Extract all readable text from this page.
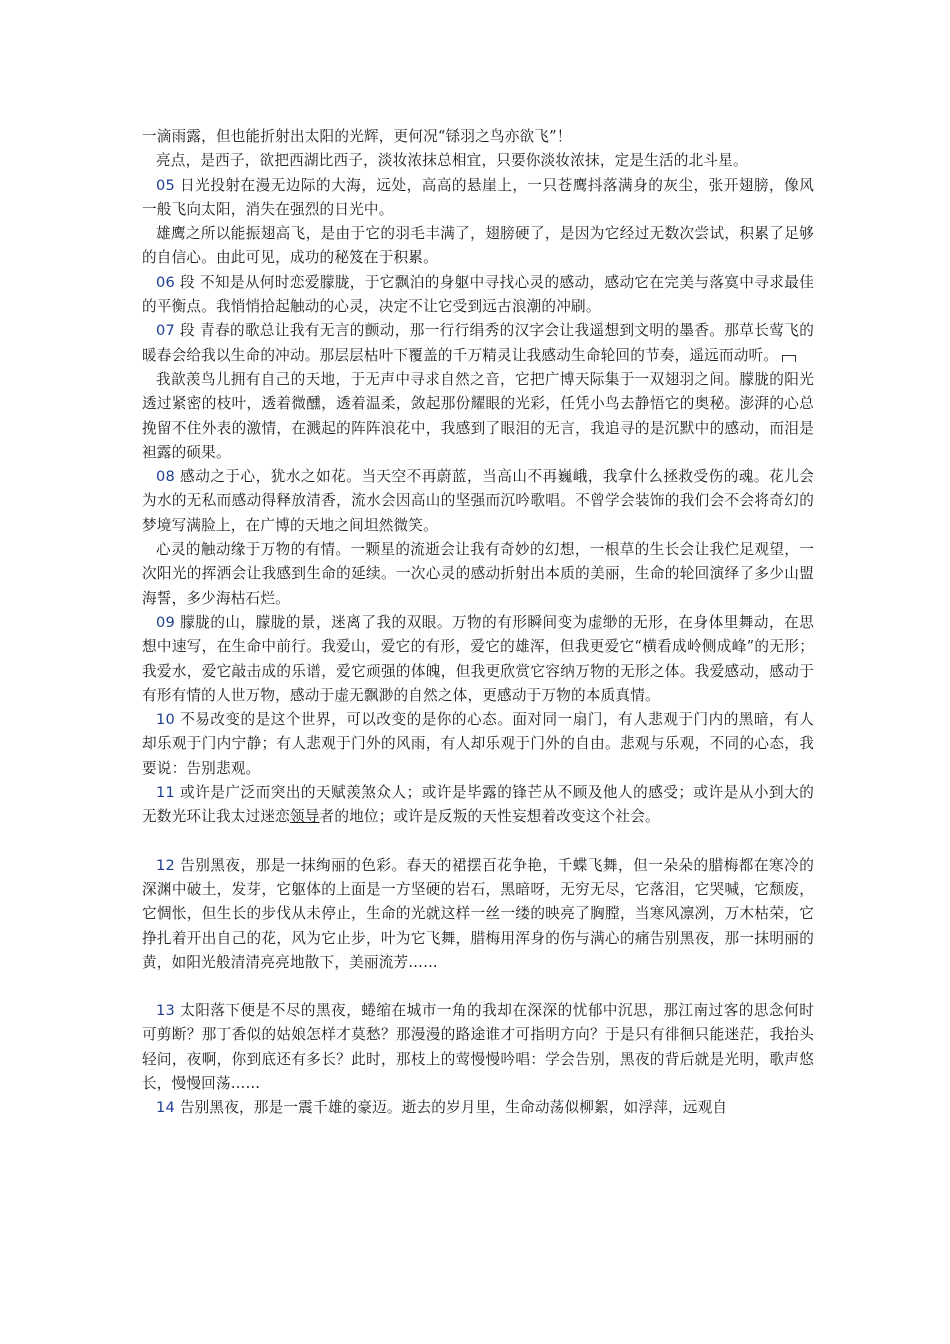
一滴雨露，但也能折射出太阳的光辉，更何况“铩羽之鸟亦欲飞”！

亮点，是西子，欲把西湖比西子，淡妆浓抹总相宜，只要你淡妆浓抹，定是生活的北斗星。

05 日光投射在漫无边际的大海，远处，高高的悬崖上，一只苍鹰抖落满身的灰尘，张开翅膀，像风一般飞向太阳，消失在强烈的日光中。

雄鹰之所以能振翅高飞，是由于它的羽毛丰满了，翅膀硬了，是因为它经过无数次尝试，积累了足够的自信心。由此可见，成功的秘笈在于积累。

06 段 不知是从何时恋爱朦胧，于它飘泊的身躯中寻找心灵的感动，感动它在完美与落寞中寻求最佳的平衡点。我悄悄拾起触动的心灵，决定不让它受到远古浪潮的冲刷。

07 段 青春的歌总让我有无言的颤动，那一行行绢秀的汉字会让我遥想到文明的墨香。那草长莺飞的暖春会给我以生命的冲动。那层层枯叶下覆盖的千万精灵让我感动生命轮回的节奏，遥远而动听。

我歆羡鸟儿拥有自己的天地，于无声中寻求自然之音，它把广博天际集于一双翅羽之间。朦胧的阳光透过紧密的枝叶，透着微醺，透着温柔，敛起那份耀眼的光彩，任凭小鸟去静悟它的奥秘。澎湃的心总挽留不住外表的激情，在溅起的阵阵浪花中，我感到了眼泪的无言，我追寻的是沉默中的感动，而泪是袒露的硕果。

08 感动之于心，犹水之如花。当天空不再蔚蓝，当高山不再巍峨，我拿什么拯救受伤的魂。花儿会为水的无私而感动得释放清香，流水会因高山的坚强而沉吟歌唱。不曾学会装饰的我们会不会将奇幻的梦境写满脸上，在广博的天地之间坦然微笑。

心灵的触动缘于万物的有情。一颗星的流逝会让我有奇妙的幻想，一根草的生长会让我伫足观望，一次阳光的挥洒会让我感到生命的延续。一次心灵的感动折射出本质的美丽，生命的轮回演绎了多少山盟海誓，多少海枯石烂。

09 朦胧的山，朦胧的景，迷离了我的双眼。万物的有形瞬间变为虚缈的无形，在身体里舞动，在思想中速写，在生命中前行。我爱山，爱它的有形，爱它的雄浑，但我更爱它“横看成岭侧成峰”的无形；我爱水，爱它敲击成的乐谱，爱它顽强的体魄，但我更欣赏它容纳万物的无形之体。我爱感动，感动于有形有情的人世万物，感动于虚无飘渺的自然之体，更感动于万物的本质真情。

10 不易改变的是这个世界，可以改变的是你的心态。面对同一扇门，有人悲观于门内的黑暗，有人却乐观于门内宁静；有人悲观于门外的风雨，有人却乐观于门外的自由。悲观与乐观，不同的心态，我要说：告别悲观。

11 或许是广泛而突出的天赋羡煞众人；或许是毕露的锋芒从不顾及他人的感受；或许是从小到大的无数光环让我太过迷恋领导者的地位；或许是反叛的天性妄想着改变这个社会。

12 告别黑夜，那是一抹绚丽的色彩。春天的裙摆百花争艳，千蝶飞舞，但一朵朵的腊梅都在寒冷的深渊中破土，发芽，它躯体的上面是一方坚硬的岩石，黑暗呀，无穷无尽，它落泪，它哭喊，它颓废，它惆怅，但生长的步伐从未停止，生命的光就这样一丝一缕的映亮了胸膛，当寒风凛冽，万木枯荣，它挣扎着开出自己的花，风为它止步，叶为它飞舞，腊梅用浑身的伤与满心的痛告别黑夜，那一抹明丽的黄，如阳光般清清亮亮地散下，美丽流芳……

13 太阳落下便是不尽的黑夜，蜷缩在城市一角的我却在深深的忧郁中沉思，那江南过客的思念何时可剪断？那丁香似的姑娘怎样才莫愁？那漫漫的路途谁才可指明方向？于是只有徘徊只能迷茫，我抬头轻问，夜啊，你到底还有多长？此时，那枝上的莺慢慢吟唱：学会告别，黑夜的背后就是光明，歌声悠长，慢慢回荡……

14 告别黑夜，那是一震千雄的豪迈。逝去的岁月里，生命动荡似柳絮，如浮萍，远观自
